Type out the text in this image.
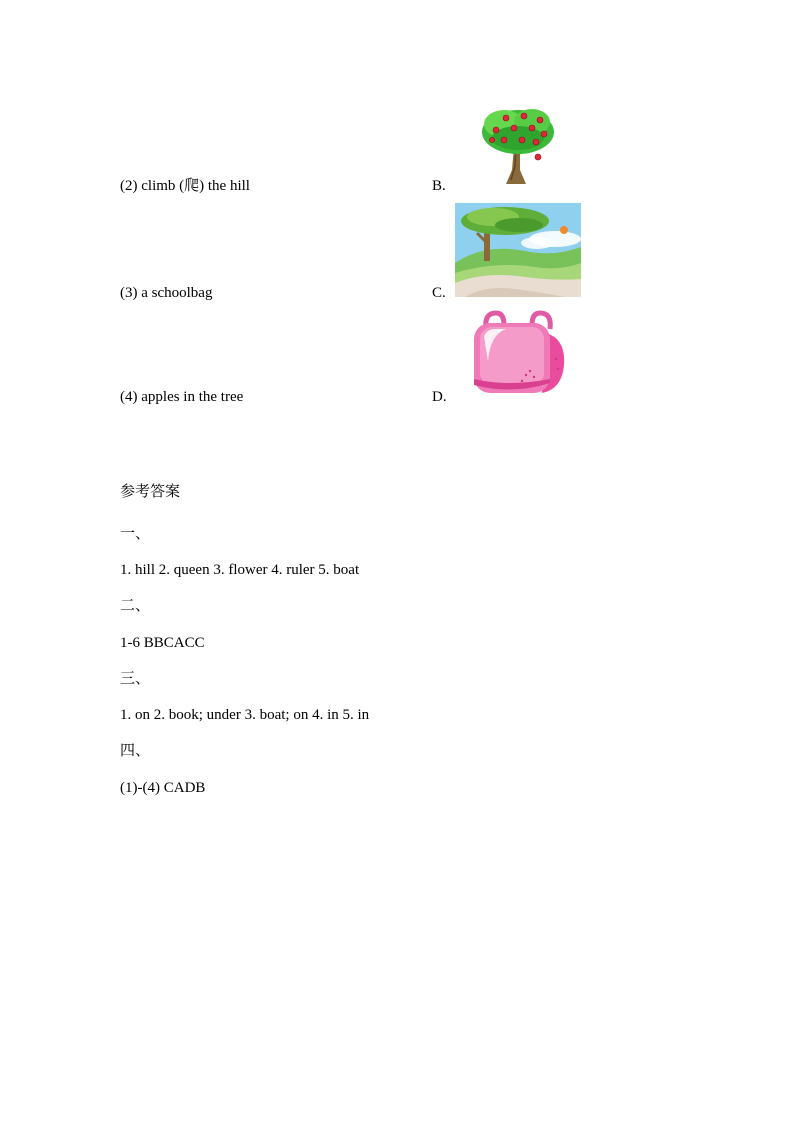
(2) climb (爬) the hill	B.
(3) a schoolbag	C.
(4) apples in the tree	D.
参考答案
一、
1. hill 2. queen 3. flower 4. ruler 5. boat
二、
1-6 BBCACC
三、
1. on 2. book; under 3. boat; on 4. in 5. in
四、
(1)-(4) CADB
